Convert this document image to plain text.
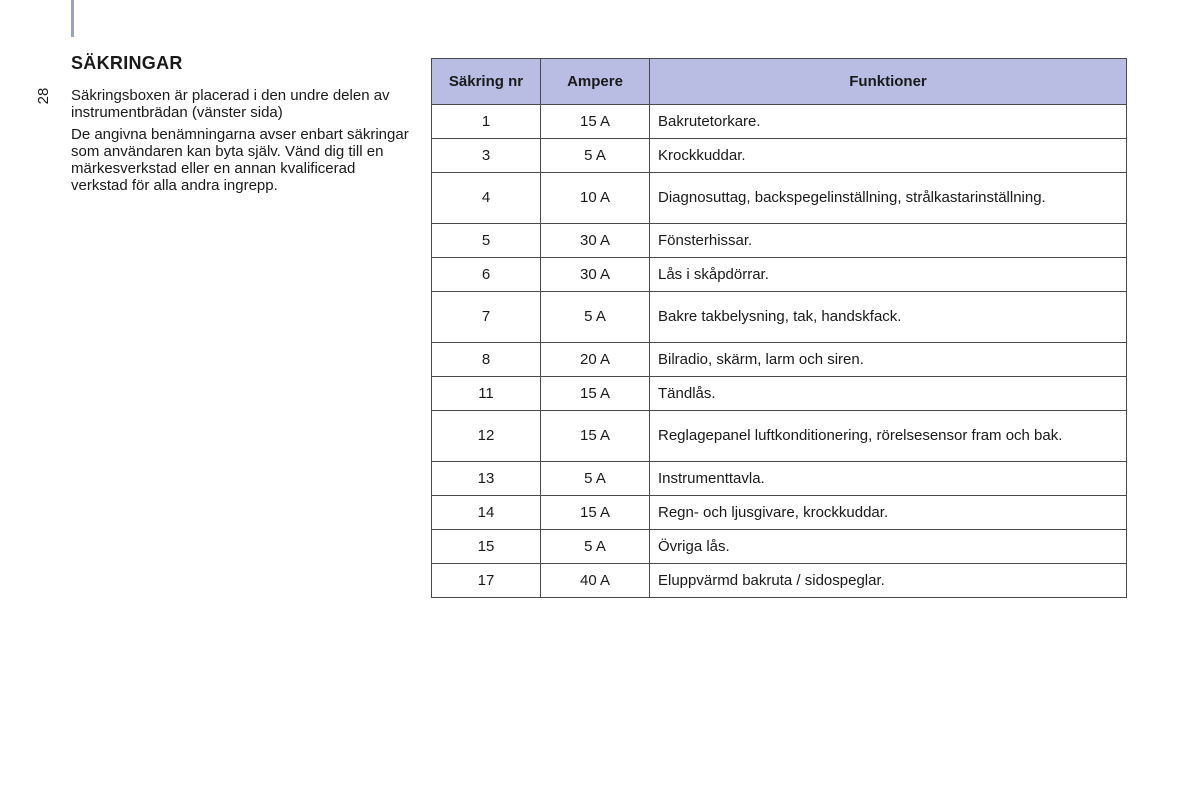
28
SÄKRINGAR

Säkringsboxen är placerad i den undre delen av instrumentbrädan (vänster sida)

De angivna benämningarna avser enbart säkringar som användaren kan byta själv. Vänd dig till en märkesverkstad eller en annan kvalificerad verkstad för alla andra ingrepp.

Säkring nr	Ampere	Funktioner
1	15 A	Bakrutetorkare.
3	5 A	Krockkuddar.
4	10 A	Diagnosuttag, backspegelinställning, strålkastarinställning.
5	30 A	Fönsterhissar.
6	30 A	Lås i skåpdörrar.
7	5 A	Bakre takbelysning, tak, handskfack.
8	20 A	Bilradio, skärm, larm och siren.
11	15 A	Tändlås.
12	15 A	Reglagepanel luftkonditionering, rörelsesensor fram och bak.
13	5 A	Instrumenttavla.
14	15 A	Regn- och ljusgivare, krockkuddar.
15	5 A	Övriga lås.
17	40 A	Eluppvärmd bakruta / sidospeglar.
